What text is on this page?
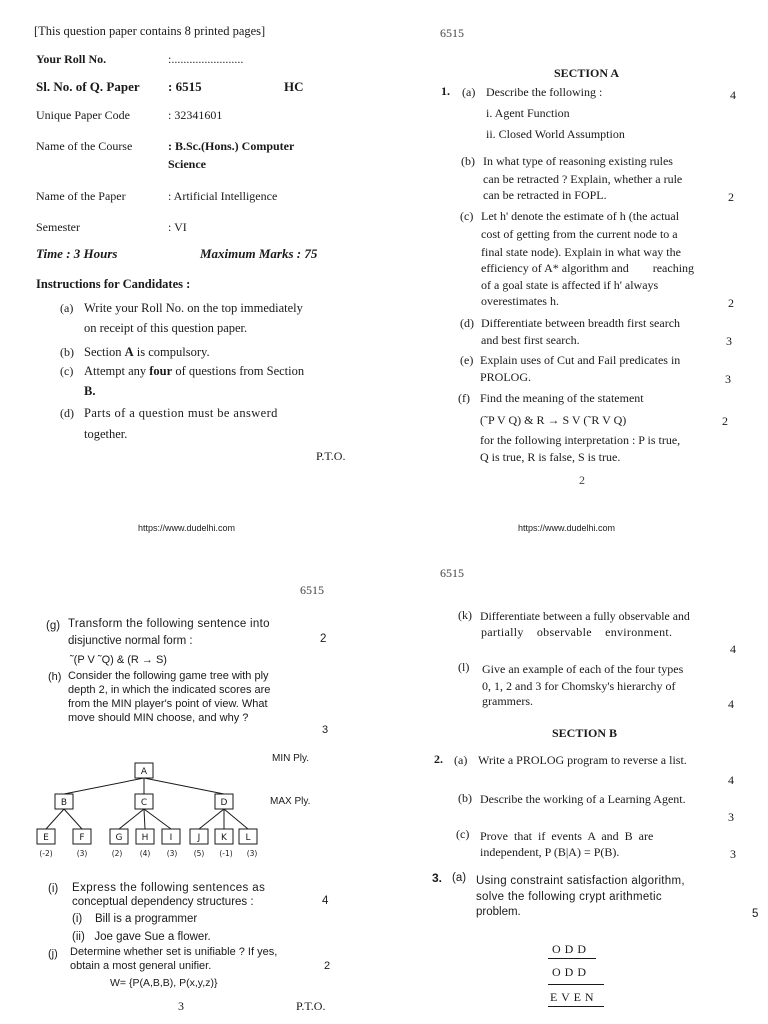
[This question paper contains 8 printed pages]
Your Roll No.	:........................
Sl. No. of Q. Paper : 6515	HC
Unique Paper Code	: 32341601
Name of the Course	: B.Sc.(Hons.) Computer
Science
Name of the Paper	: Artificial Intelligence
Semester	: VI
Time : 3 Hours	Maximum Marks : 75
Instructions for Candidates :
(a) Write your Roll No. on the top immediately
on receipt of this question paper.
(b) Section A is compulsory.
(c) Attempt any four of questions from Section
B.
(d) Parts of a question must be answerd
together.
P.T.O.
https://www.dudelhi.com
6515
SECTION A
1. (a) Describe the following :	4
i. Agent Function
ii. Closed World Assumption
(b) In what type of reasoning existing rules
can be retracted ? Explain, whether a rule
can be retracted in FOPL.	2
(c) Let h' denote the estimate of h (the actual
cost of getting from the current node to a
final state node). Explain in what way the
efficiency of A* algorithm and        reaching
of a goal state is affected if h' always
overestimates h.	2
(d) Differentiate between breadth first search
and best first search.	3
(e) Explain uses of Cut and Fail predicates in
PROLOG.	3
(f) Find the meaning of the statement
(˜P V Q) & R → S V (˜R V Q)	2
for the following interpretation : P is true,
Q is true, R is false, S is true.
2
https://www.dudelhi.com
6515
(g) Transform the following sentence into
disjunctive normal form :	2
˜(P V ˜Q) & (R → S)
(h) Consider the following game tree with ply
depth 2, in which the indicated scores are
from the MIN player's point of view. What
move should MIN choose, and why ?
3
MIN Ply.
MAX Ply.
A
B	C	D
E	F	G H I	J K L
(-2)	(3)	(2) (4) (3) (5) (-1) (3)
(i) Express the following sentences as
conceptual dependency structures :	4
(i)    Bill is a programmer
(ii)   Joe gave Sue a flower.
(j) Determine whether set is unifiable ? If yes,
obtain a most general unifier.	2
W= {P(A,B,B), P(x,y,z)}
3	P.T.O.
6515
(k) Differentiate between a fully observable and
partially    observable    environment.
4
(l) Give an example of each of the four types
0, 1, 2 and 3 for Chomsky's hierarchy of
grammers.	4
SECTION B
2. (a) Write a PROLOG program to reverse a list.
4
(b) Describe the working of a Learning Agent.
3
(c) Prove  that  if  events  A  and  B  are
independent, P (B|A) = P(B).	3
3. (a) Using constraint satisfaction algorithm,
solve the following crypt arithmetic
problem.	5
O D D
O D D
E V E N
